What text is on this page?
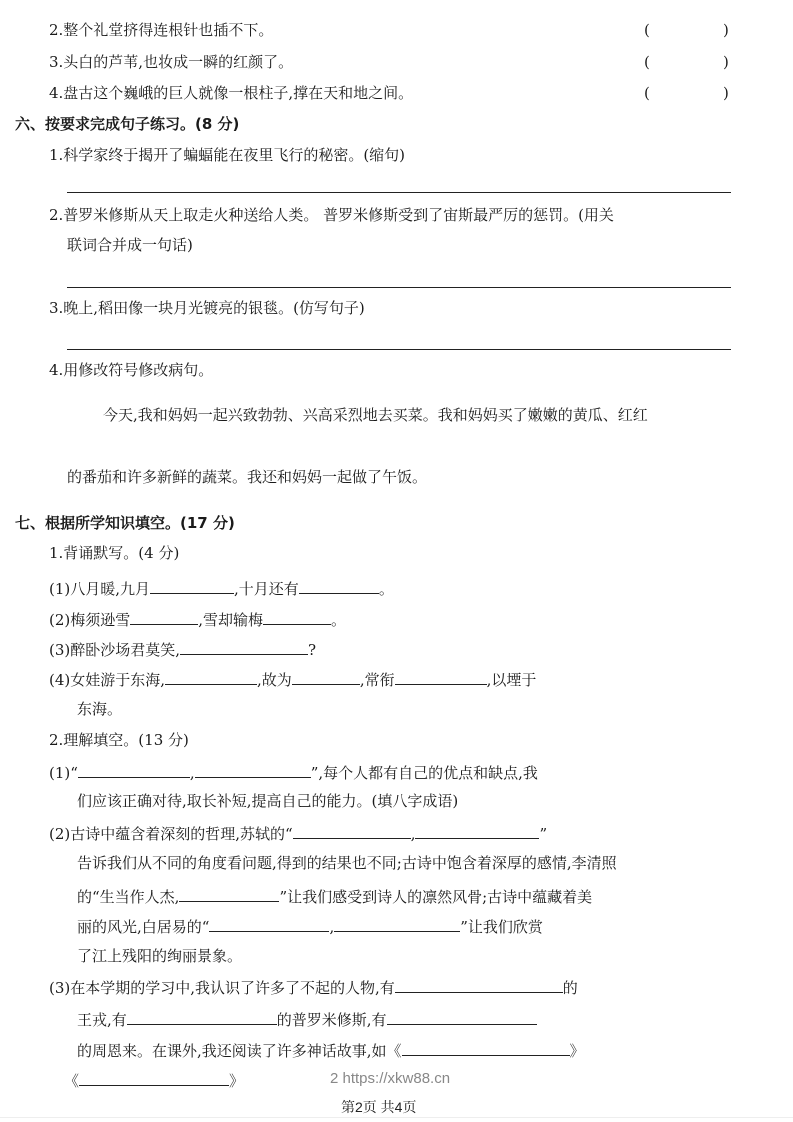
2.整个礼堂挤得连根针也插不下。	(	)
3.头白的芦苇,也妆成一瞬的红颜了。	(	)
4.盘古这个巍峨的巨人就像一根柱子,撑在天和地之间。	(	)
六、按要求完成句子练习。(8 分)
1.科学家终于揭开了蝙蝠能在夜里飞行的秘密。(缩句)
2.普罗米修斯从天上取走火种送给人类。 普罗米修斯受到了宙斯最严厉的惩罚。(用关
联词合并成一句话)
3.晚上,稻田像一块月光镀亮的银毯。(仿写句子)
4.用修改符号修改病句。
今天,我和妈妈一起兴致勃勃、兴高采烈地去买菜。我和妈妈买了嫩嫩的黄瓜、红红
的番茄和许多新鲜的蔬菜。我还和妈妈一起做了午饭。
七、根据所学知识填空。(17 分)
1.背诵默写。(4 分)
(1)八月暖,九月	,十月还有	。
(2)梅须逊雪	,雪却输梅	。
(3)醉卧沙场君莫笑,	?
(4)女娃游于东海,	,故为	,常衔	,以堙于
东海。
2.理解填空。(13 分)
(1)“	,	”,每个人都有自己的优点和缺点,我
们应该正确对待,取长补短,提高自己的能力。(填八字成语)
(2)古诗中蕴含着深刻的哲理,苏轼的“	,	”
告诉我们从不同的角度看问题,得到的结果也不同;古诗中饱含着深厚的感情,李清照
的“生当作人杰,	”让我们感受到诗人的凛然风骨;古诗中蕴藏着美
丽的风光,白居易的“	,	”让我们欣赏
了江上残阳的绚丽景象。
(3)在本学期的学习中,我认识了许多了不起的人物,有	的
王戎,有	的普罗米修斯,有
的周恩来。在课外,我还阅读了许多神话故事,如《	》
《	》	2 https://xkw88.cn
第2页 共4页
